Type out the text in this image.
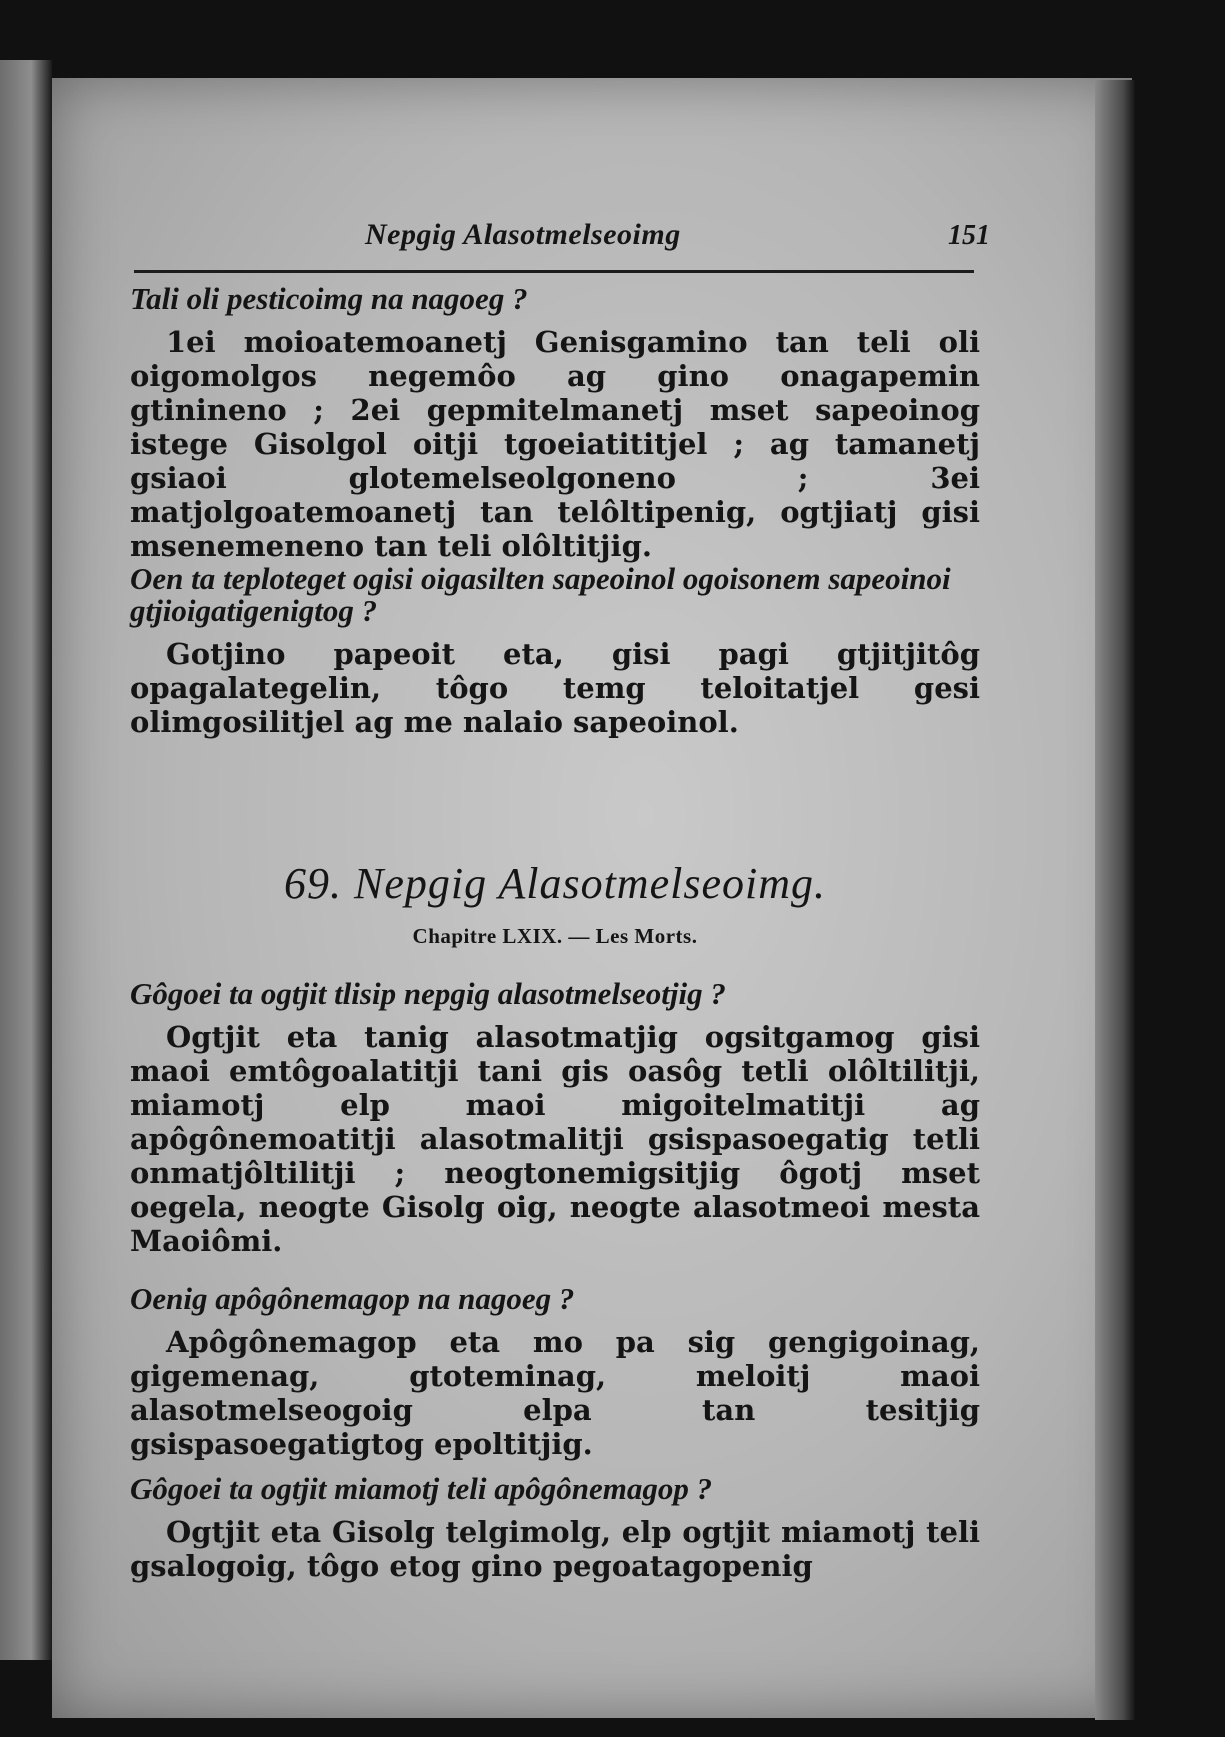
Nepgig Alasotmelseoimg	151

Tali oli pesticoimg na nagoeg ?

1ei moioatemoanetj Genisgamino tan teli oli oigomolgos negemôo ag gino onagapemin gtinineno ; 2ei gepmitelmanetj mset sapeoinog istege Gisolgol oitji tgoeiatititjel ; ag tamanetj gsiaoi glotemelseolgoneno ; 3ei matjolgoatemoanetj tan telôltipenig, ogtjiatj gisi msenemeneno tan teli olôltitjig.

Oen ta teploteget ogisi oigasilten sapeoinol ogoisonem sapeoinoi gtjioigatigenigtog ?

Gotjino papeoit eta, gisi pagi gtjitjitôg opagalategelin, tôgo temg teloitatjel gesi olimgosilitjel ag me nalaio sapeoinol.

69. Nepgig Alasotmelseoimg.
Chapitre LXIX. — Les Morts.

Gôgoei ta ogtjit tlisip nepgig alasotmelseotjig ?

Ogtjit eta tanig alasotmatjig ogsitgamog gisi maoi emtôgoalatitji tani gis oasôg tetli olôltilitji, miamotj elp maoi migoitelmatitji ag apôgônemoatitji alasotmalitji gsispasoegatig tetli onmatjôltilitji ; neogtonemigsitjig ôgotj mset oegela, neogte Gisolg oig, neogte alasotmeoi mesta Maoiômi.

Oenig apôgônemagop na nagoeg ?

Apôgônemagop eta mo pa sig gengigoinag, gigemenag, gtoteminag, meloitj maoi alasotmelseogoig elpa tan tesitjig gsispasoegatigtog epoltitjig.

Gôgoei ta ogtjit miamotj teli apôgônemagop ?

Ogtjit eta Gisolg telgimolg, elp ogtjit miamotj teli gsalogoig, tôgo etog gino pegoatagopenig
